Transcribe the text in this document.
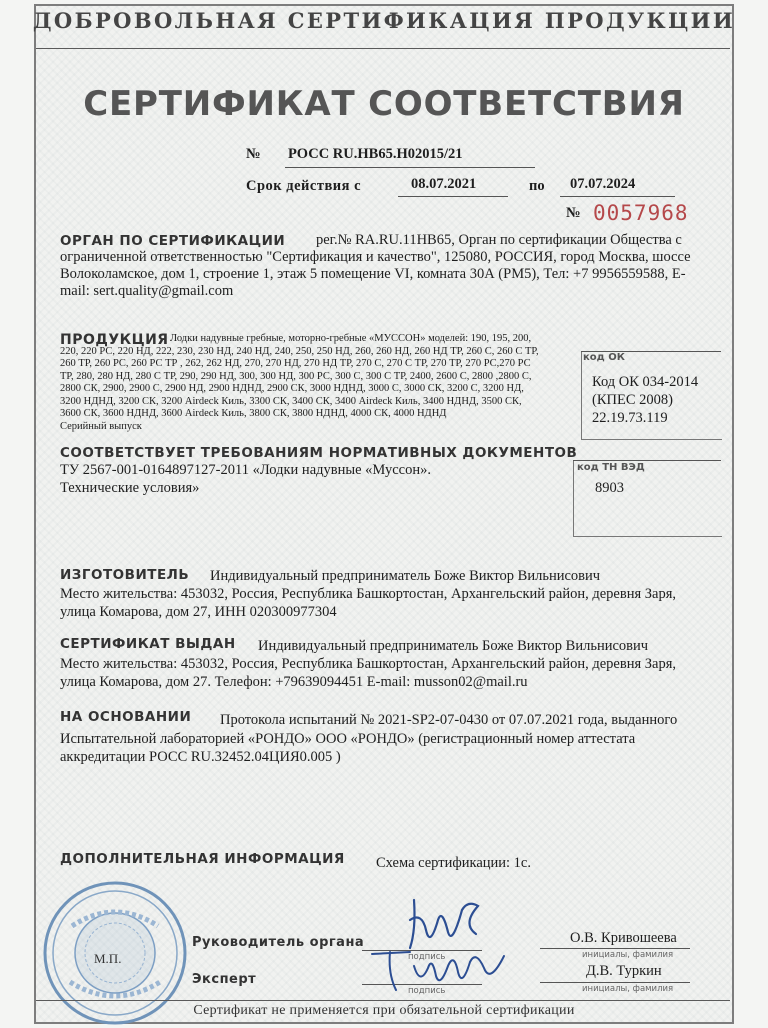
ДОБРОВОЛЬНАЯ СЕРТИФИКАЦИЯ ПРОДУКЦИИ
СЕРТИФИКАТ СООТВЕТСТВИЯ
№ РОСС RU.НВ65.Н02015/21
Срок действия с	08.07.2021	по 07.07.2024
№ 0057968
ОРГАН ПО СЕРТИФИКАЦИИ рег.№ RA.RU.11НВ65, Орган по сертификации Общества с
ограниченной ответственностью "Сертификация и качество", 125080, РОССИЯ, город Москва, шоссе
Волоколамское, дом 1, строение 1, этаж 5 помещение VI, комната 30А (РМ5), Тел: +7 9956559588, E-
mail: sert.quality@gmail.com
ПРОДУКЦИЯ Лодки надувные гребные, моторно-гребные «МУССОН» моделей: 190, 195, 200,
220, 220 РС, 220 НД, 222, 230, 230 НД, 240 НД, 240, 250, 250 НД, 260, 260 НД, 260 НД ТР, 260 С, 260 С ТР,
260 ТР, 260 РС, 260 РС ТР , 262, 262 НД, 270, 270 НД, 270 НД ТР, 270 С, 270 С ТР, 270 ТР, 270 РС,270 РС
ТР, 280, 280 НД, 280 С ТР, 290, 290 НД, 300, 300 НД, 300 РС, 300 С, 300 С ТР, 2400, 2600 С, 2800 ,2800 С,
2800 СК, 2900, 2900 С, 2900 НД, 2900 НДНД, 2900 СК, 3000 НДНД, 3000 С, 3000 СК, 3200 С, 3200 НД,
3200 НДНД, 3200 СК, 3200 Airdeck Киль, 3300 СК, 3400 СК, 3400 Airdeck Киль, 3400 НДНД, 3500 СК,
3600 СК, 3600 НДНД, 3600 Airdeck Киль, 3800 СК, 3800 НДНД, 4000 СК, 4000 НДНД
Серийный выпуск
код ОК
Код ОК 034-2014
(КПЕС 2008)
22.19.73.119
СООТВЕТСТВУЕТ ТРЕБОВАНИЯМ НОРМАТИВНЫХ ДОКУМЕНТОВ
ТУ 2567-001-0164897127-2011 «Лодки надувные «Муссон».
Технические условия»
код ТН ВЭД
8903
ИЗГОТОВИТЕЛЬ Индивидуальный предприниматель Боже Виктор Вильнисович
Место жительства: 453032, Россия, Республика Башкортостан, Архангельский район, деревня Заря,
улица Комарова, дом 27, ИНН 020300977304
СЕРТИФИКАТ ВЫДАН Индивидуальный предприниматель Боже Виктор Вильнисович
Место жительства: 453032, Россия, Республика Башкортостан, Архангельский район, деревня Заря,
улица Комарова, дом 27. Телефон: +79639094451 E-mail: musson02@mail.ru
НА ОСНОВАНИИ Протокола испытаний № 2021-SP2-07-0430 от 07.07.2021 года, выданного
Испытательной лабораторией «РОНДО» ООО «РОНДО» (регистрационный номер аттестата
аккредитации РОСС RU.32452.04ЦИЯ0.005 )
ДОПОЛНИТЕЛЬНАЯ ИНФОРМАЦИЯ Схема сертификации: 1с.
М.П.
Руководитель органа
подпись
О.В. Кривошеева
инициалы, фамилия
Эксперт
подпись
Д.В. Туркин
инициалы, фамилия
Сертификат не применяется при обязательной сертификации
